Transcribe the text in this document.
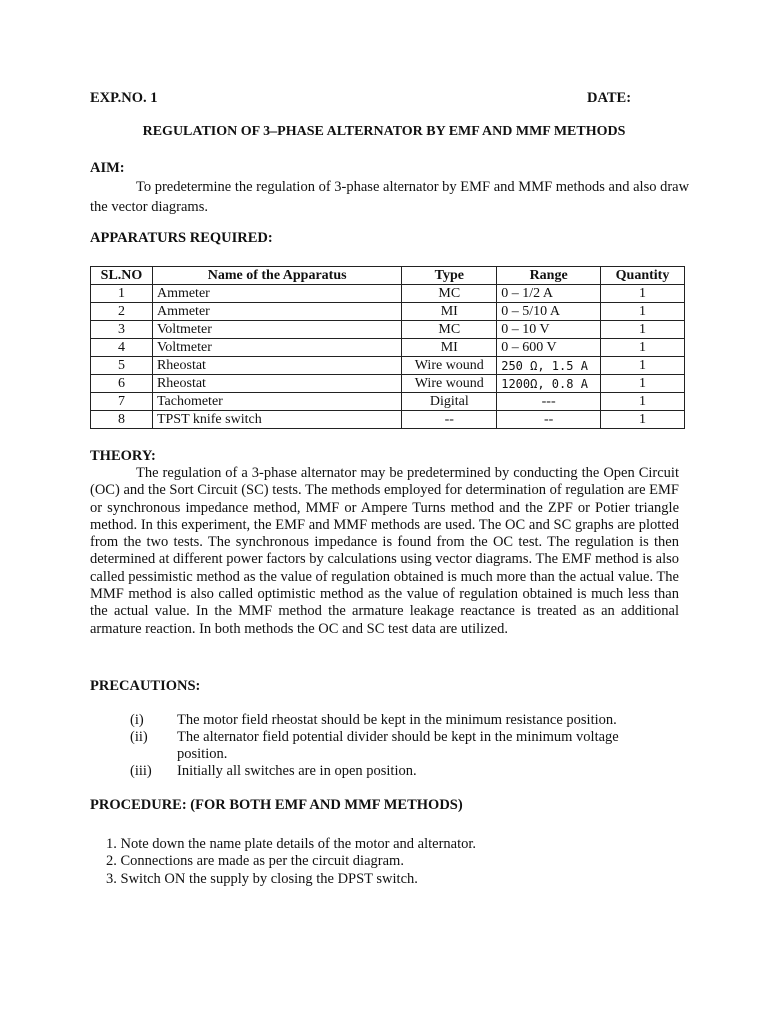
EXP.NO. 1	DATE:
REGULATION OF 3–PHASE ALTERNATOR BY EMF AND MMF METHODS
AIM:
To predetermine the regulation of 3-phase alternator by EMF and MMF methods and also draw the vector diagrams.
APPARATURS REQUIRED:
SL.NO	Name of the Apparatus	Type	Range	Quantity
1	Ammeter	MC	0 – 1/2 A	1
2	Ammeter	MI	0 – 5/10 A	1
3	Voltmeter	MC	0 – 10 V	1
4	Voltmeter	MI	0 – 600 V	1
5	Rheostat	Wire wound	250 Ω, 1.5 A	1
6	Rheostat	Wire wound	1200Ω, 0.8 A	1
7	Tachometer	Digital	---	1
8	TPST knife switch	--	--	1
THEORY:
The regulation of a 3-phase alternator may be predetermined by conducting the Open Circuit (OC) and the Sort Circuit (SC) tests. The methods employed for determination of regulation are EMF or synchronous impedance method, MMF or Ampere Turns method and the ZPF or Potier triangle method. In this experiment, the EMF and MMF methods are used. The OC and SC graphs are plotted from the two tests. The synchronous impedance is found from the OC test. The regulation is then determined at different power factors by calculations using vector diagrams. The EMF method is also called pessimistic method as the value of regulation obtained is much more than the actual value. The MMF method is also called optimistic method as the value of regulation obtained is much less than the actual value. In the MMF method the armature leakage reactance is treated as an additional armature reaction. In both methods the OC and SC test data are utilized.
PRECAUTIONS:
(i) The motor field rheostat should be kept in the minimum resistance position.
(ii) The alternator field potential divider should be kept in the minimum voltage position.
(iii) Initially all switches are in open position.
PROCEDURE: (FOR BOTH EMF AND MMF METHODS)
1. Note down the name plate details of the motor and alternator.
2. Connections are made as per the circuit diagram.
3. Switch ON the supply by closing the DPST switch.
